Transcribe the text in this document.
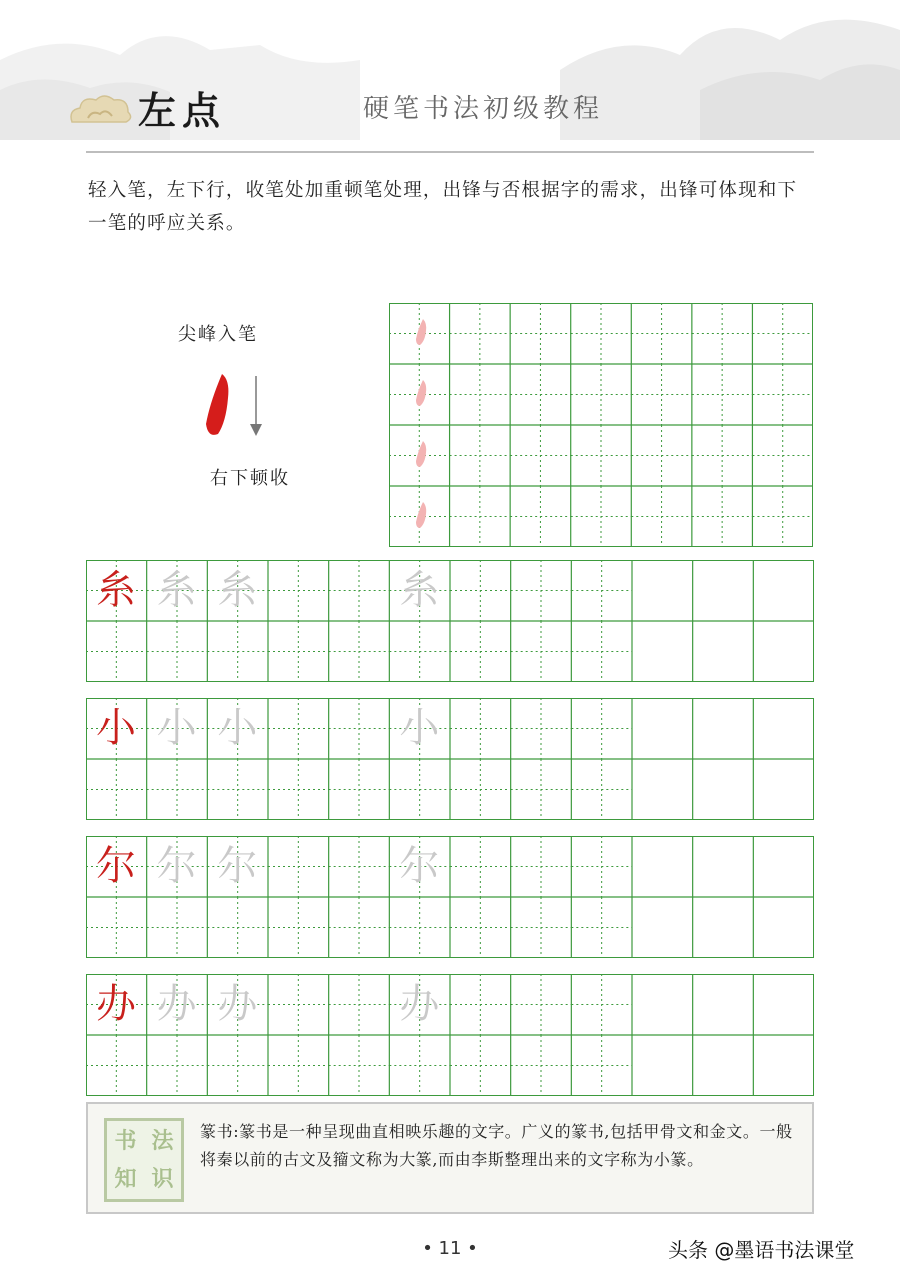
左点	硬笔书法初级教程
轻入笔，左下行，收笔处加重顿笔处理，出锋与否根据字的需求，出锋可体现和下一笔的呼应关系。
尖峰入笔
右下顿收
糸 糸 糸	糸
小 小 小	小
尔 尔 尔	尔
办 办 办	办
书 法
知 识
篆书:篆书是一种呈现曲直相映乐趣的文字。广义的篆书,包括甲骨文和金文。一般将秦以前的古文及籀文称为大篆,而由李斯整理出来的文字称为小篆。
• 11 •	头条 @墨语书法课堂
